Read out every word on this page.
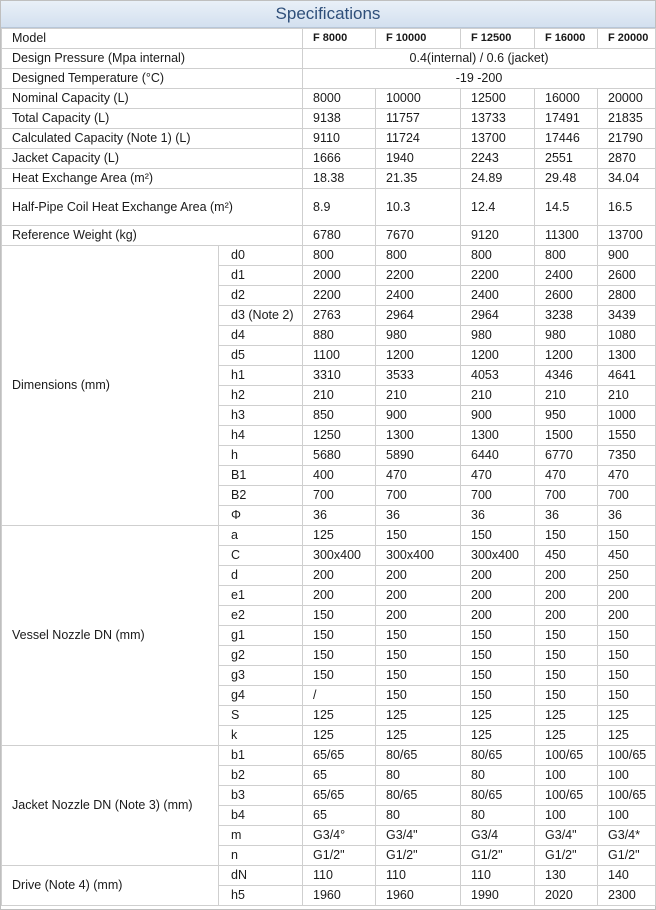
Specifications
Model		F 8000	F 10000	F 12500	F 16000	F 20000
Design Pressure (Mpa internal)		0.4(internal) / 0.6 (jacket)				
Designed Temperature (°C)		-19 -200				
Nominal Capacity (L)		8000	10000	12500	16000	20000
Total Capacity (L)		9138	11757	13733	17491	21835
Calculated Capacity (Note 1) (L)		9110	11724	13700	17446	21790
Jacket Capacity (L)		1666	1940	2243	2551	2870
Heat Exchange Area (m²)		18.38	21.35	24.89	29.48	34.04
Half-Pipe Coil Heat Exchange Area (m²)		8.9	10.3	12.4	14.5	16.5
Reference Weight (kg)		6780	7670	9120	11300	13700
Dimensions (mm)	d0	800	800	800	800	900
	d1	2000	2200	2200	2400	2600
	d2	2200	2400	2400	2600	2800
	d3 (Note 2)	2763	2964	2964	3238	3439
	d4	880	980	980	980	1080
	d5	1100	1200	1200	1200	1300
	h1	3310	3533	4053	4346	4641
	h2	210	210	210	210	210
	h3	850	900	900	950	1000
	h4	1250	1300	1300	1500	1550
	h	5680	5890	6440	6770	7350
	B1	400	470	470	470	470
	B2	700	700	700	700	700
	Φ	36	36	36	36	36
Vessel Nozzle DN (mm)	a	125	150	150	150	150
	C	300x400	300x400	300x400	450	450
	d	200	200	200	200	250
	e1	200	200	200	200	200
	e2	150	200	200	200	200
	g1	150	150	150	150	150
	g2	150	150	150	150	150
	g3	150	150	150	150	150
	g4	/	150	150	150	150
	S	125	125	125	125	125
	k	125	125	125	125	125
Jacket Nozzle DN (Note 3) (mm)	b1	65/65	80/65	80/65	100/65	100/65
	b2	65	80	80	100	100
	b3	65/65	80/65	80/65	100/65	100/65
	b4	65	80	80	100	100
	m	G3/4°	G3/4"	G3/4	G3/4"	G3/4*
	n	G1/2"	G1/2"	G1/2"	G1/2"	G1/2"
Drive (Note 4) (mm)	dN	110	110	110	130	140
	h5	1960	1960	1990	2020	2300
